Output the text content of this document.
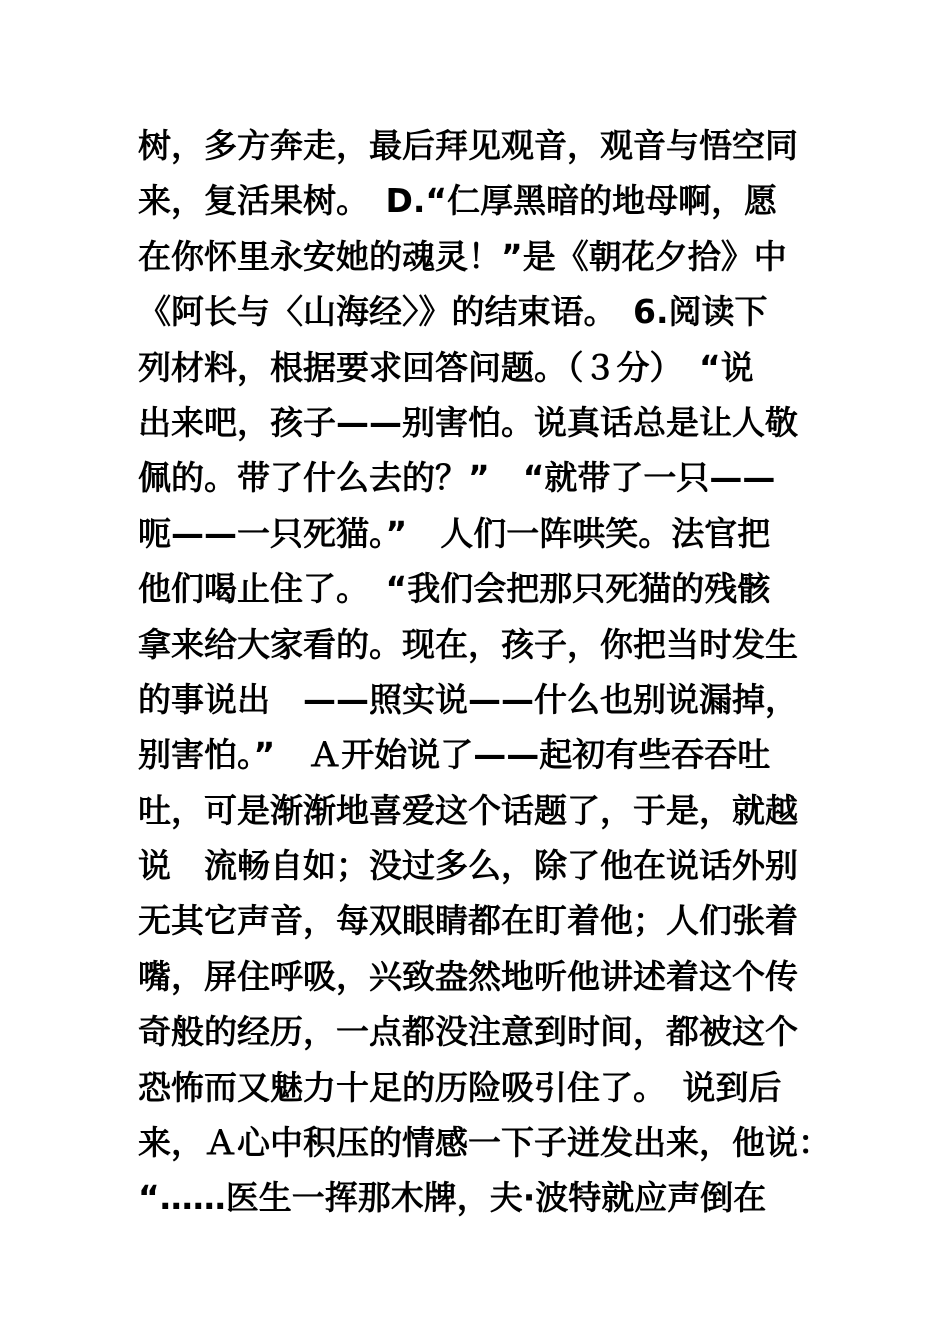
树，多方奔走，最后拜见观音，观音与悟空同
来，复活果树。　D.“仁厚黑暗的地母啊，愿
在你怀里永安她的魂灵！”是《朝花夕拾》中
《阿长与〈山海经〉》的结束语。　6.阅读下
列材料，根据要求回答问题。（３分）　“说
出来吧，孩子——别害怕。说真话总是让人敬
佩的。带了什么去的？”　“就带了一只——
呃——一只死猫。”　人们一阵哄笑。法官把
他们喝止住了。　“我们会把那只死猫的残骸
拿来给大家看的。现在，孩子，你把当时发生
的事说出　——照实说——什么也别说漏掉，
别害怕。”　Ａ开始说了——起初有些吞吞吐
吐，可是渐渐地喜爱这个话题了，于是，就越
说　流畅自如；没过多么，除了他在说话外别
无其它声音，每双眼睛都在盯着他；人们张着
嘴，屏住呼吸，兴致盎然地听他讲述着这个传
奇般的经历，一点都没注意到时间，都被这个
恐怖而又魅力十足的历险吸引住了。　说到后
来，Ａ心中积压的情感一下子迸发出来，他说：
“……医生一挥那木牌，夫·波特就应声倒在
